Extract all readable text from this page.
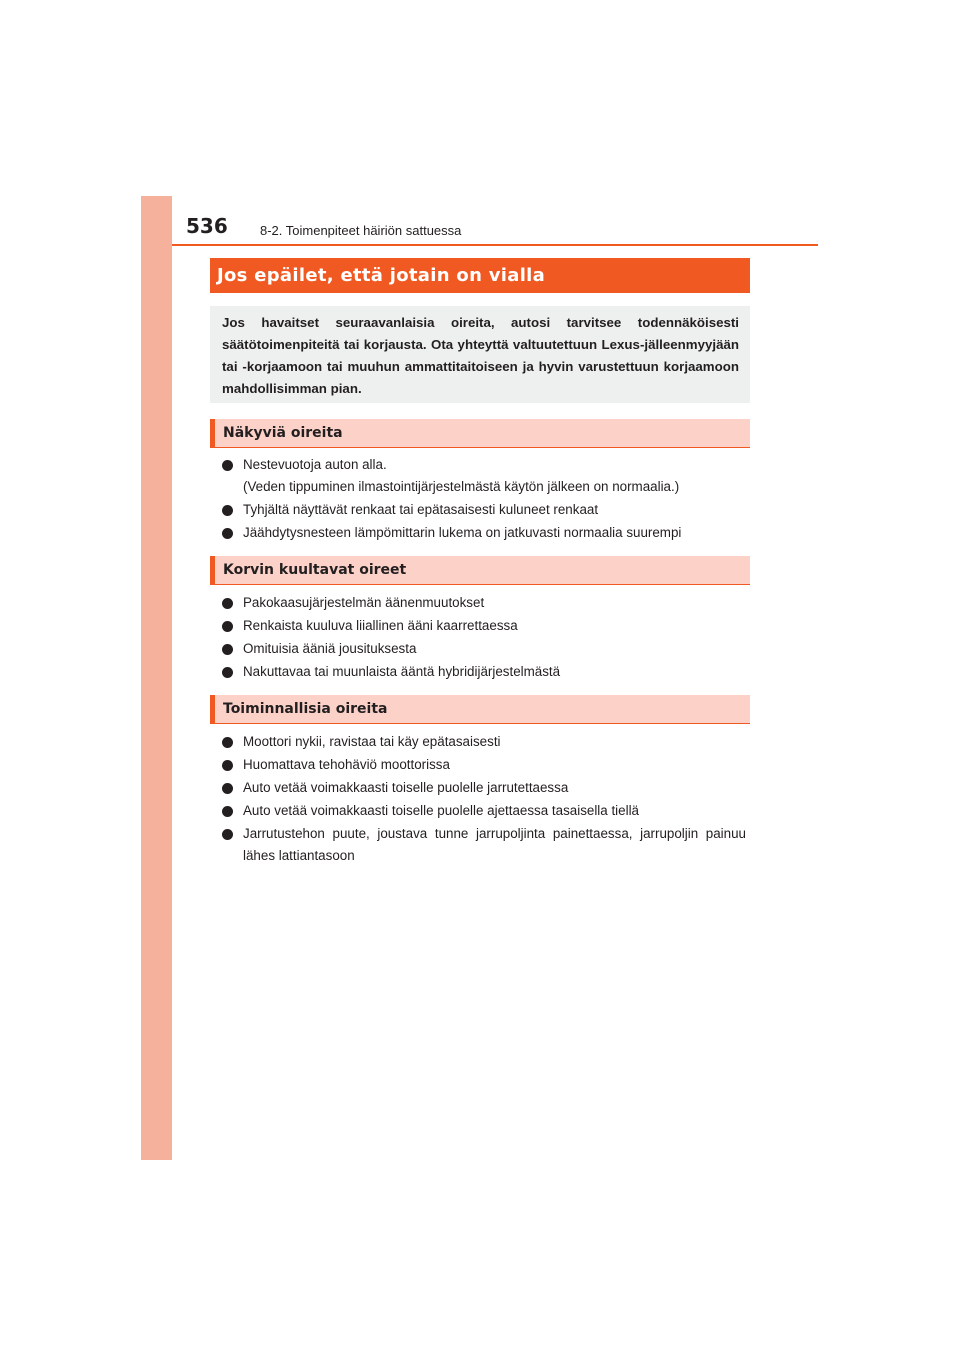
536 8-2. Toimenpiteet häiriön sattuessa
Jos epäilet, että jotain on vialla

Jos havaitset seuraavanlaisia oireita, autosi tarvitsee todennäköisesti säätötoimenpiteitä tai korjausta. Ota yhteyttä valtuutettuun Lexus-jälleenmyyjään tai -korjaamoon tai muuhun ammattitaitoiseen ja hyvin varustettuun korjaamoon mahdollisimman pian.

Näkyviä oireita
Nestevuotoja auton alla.
(Veden tippuminen ilmastointijärjestelmästä käytön jälkeen on normaalia.)
Tyhjältä näyttävät renkaat tai epätasaisesti kuluneet renkaat
Jäähdytysnesteen lämpömittarin lukema on jatkuvasti normaalia suurempi
Korvin kuultavat oireet
Pakokaasujärjestelmän äänenmuutokset
Renkaista kuuluva liiallinen ääni kaarrettaessa
Omituisia ääniä jousituksesta
Nakuttavaa tai muunlaista ääntä hybridijärjestelmästä
Toiminnallisia oireita
Moottori nykii, ravistaa tai käy epätasaisesti
Huomattava tehohäviö moottorissa
Auto vetää voimakkaasti toiselle puolelle jarrutettaessa
Auto vetää voimakkaasti toiselle puolelle ajettaessa tasaisella tiellä
Jarrutustehon puute, joustava tunne jarrupoljinta painettaessa, jarrupoljin painuu lähes lattiantasoon
